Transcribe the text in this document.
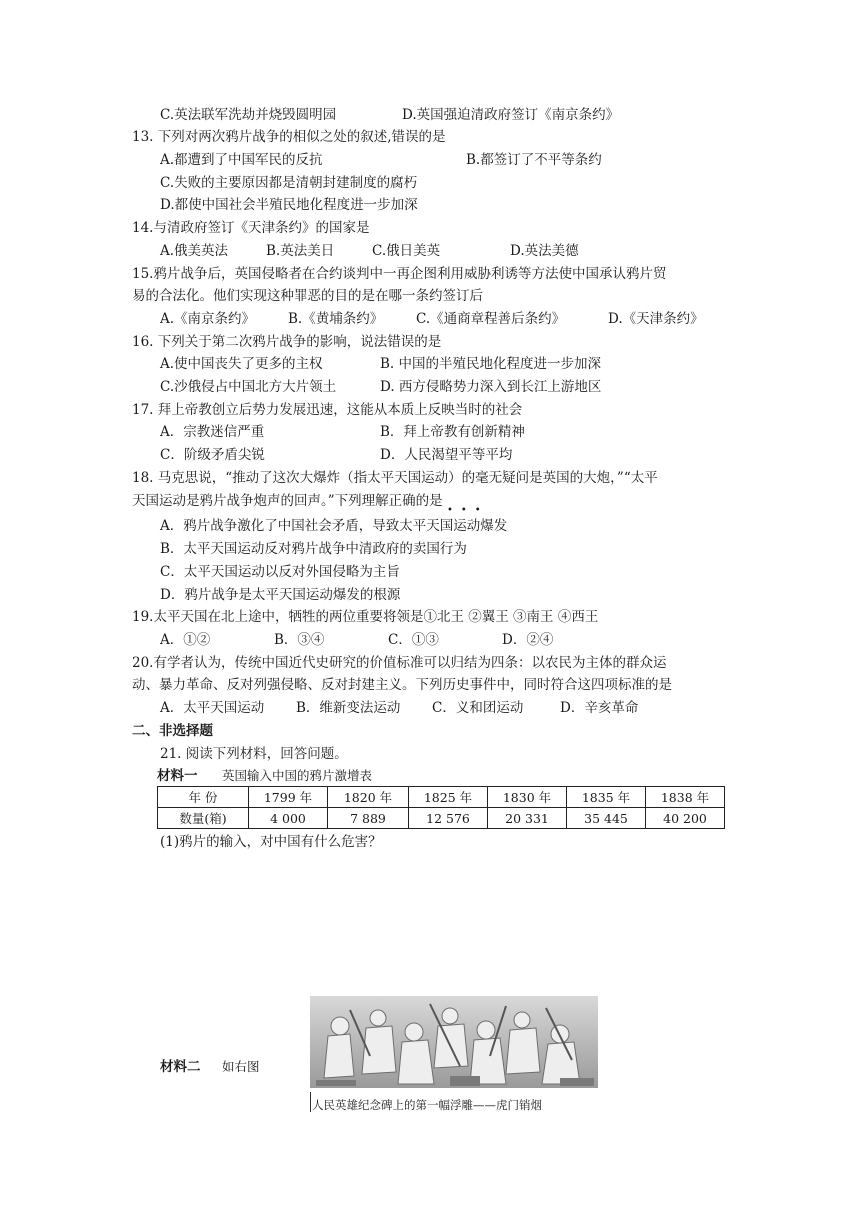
C.英法联军洗劫并烧毁圆明园	D.英国强迫清政府签订《南京条约》
13. 下列对两次鸦片战争的相似之处的叙述,错误的是
A.都遭到了中国军民的反抗	B.都签订了不平等条约
C.失败的主要原因都是清朝封建制度的腐朽
D.都使中国社会半殖民地化程度进一步加深
14.与清政府签订《天津条约》的国家是
A.俄美英法	B.英法美日	C.俄日美英	D.英法美德
15.鸦片战争后，英国侵略者在合约谈判中一再企图利用威胁利诱等方法使中国承认鸦片贸
易的合法化。他们实现这种罪恶的目的是在哪一条约签订后
A.《南京条约》 B.《黄埔条约》 C.《通商章程善后条约》	D.《天津条约》
16. 下列关于第二次鸦片战争的影响，说法错误的是
A.使中国丧失了更多的主权	B. 中国的半殖民地化程度进一步加深
C.沙俄侵占中国北方大片领土	D. 西方侵略势力深入到长江上游地区
17. 拜上帝教创立后势力发展迅速，这能从本质上反映当时的社会
A．宗教迷信严重	B．拜上帝教有创新精神
C．阶级矛盾尖锐	D．人民渴望平等平均
18. 马克思说，“推动了这次大爆炸（指太平天国运动）的毫无疑问是英国的大炮，”“太平
天国运动是鸦片战争炮声的回声。”下列理解正确的是
•••
A．鸦片战争激化了中国社会矛盾，导致太平天国运动爆发
B．太平天国运动反对鸦片战争中清政府的卖国行为
C．太平天国运动以反对外国侵略为主旨
D．鸦片战争是太平天国运动爆发的根源
19.太平天国在北上途中，牺牲的两位重要将领是①北王 ②翼王 ③南王 ④西王
A．①②	B．③④	C．①③	D．②④
20.有学者认为，传统中国近代史研究的价值标准可以归结为四条：以农民为主体的群众运
动、暴力革命、反对列强侵略、反对封建主义。下列历史事件中，同时符合这四项标准的是
A．太平天国运动 B．维新变法运动 C．义和团运动	D．辛亥革命
二、非选择题
21. 阅读下列材料，回答问题。
材料一 英国输入中国的鸦片激增表
年 份	1799 年	1820 年	1825 年	1830 年	1835 年	1838 年
数量(箱)	4 000	7 889	12 576	20 331	35 445	40 200
(1)鸦片的输入，对中国有什么危害？
材料二 如右图
人民英雄纪念碑上的第一幅浮雕——虎门销烟
